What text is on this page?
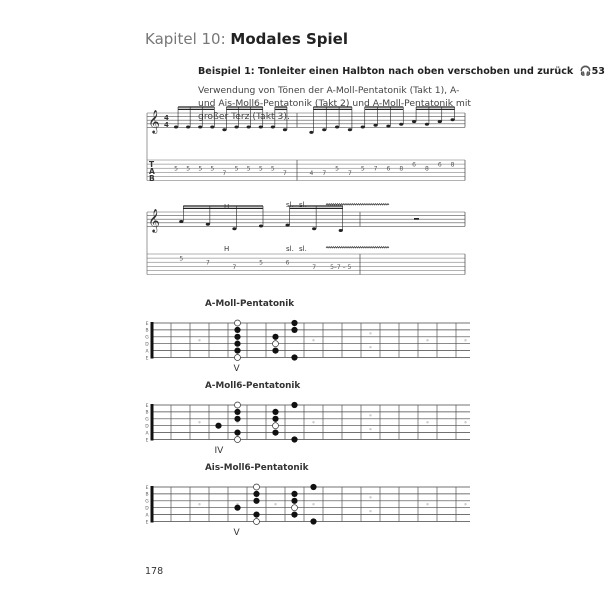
Kapitel 10: Modales Spiel
Beispiel 1: Tonleiter einen Halbton nach oben verschoben und zurück 🎧53
Verwendung von Tönen der A-Moll-Pentatonik (Takt 1), A- und Ais-Moll6-Pentatonik (Takt 2) und A-Moll-Pentatonik mit großer Terz (Takt 3).
𝄞 4
4
T
A
B
5 5 5 5
7
5 5 5 5
7	4 7
5
7
5 7 6 8
6
8
6 8
𝄞
5
7
7
5	6
7 5–7 – 5
H
H
sl. sl.
sl. sl.
A-Moll-Pentatonik
E
B
G
D
A
E
V
A-Moll6-Pentatonik
E
B
G
D
A
E
IV
Ais-Moll6-Pentatonik
E
B
G
D
A
E
V
178
